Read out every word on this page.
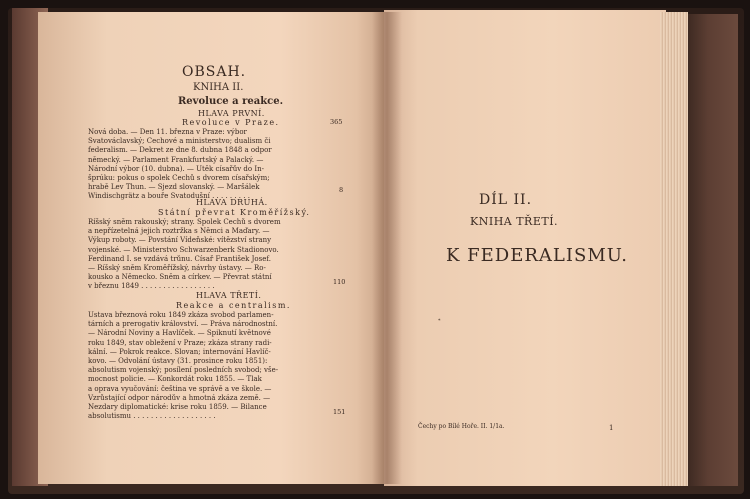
OBSAH.
KNIHA II.
Revoluce a reakce.
HLAVA PRVNÍ.
Revoluce v Praze.	365
Nová doba. — Den 11. března v Praze: výbor
Svatováclavský; Čechové a ministerstvo; dualism či
federalism. — Dekret ze dne 8. dubna 1848 a odpor
německý. — Parlament Frankfurtský a Palacký. —
Národní výbor (10. dubna). — Útěk císařův do In-
šprúku: pokus o spolek Čechů s dvorem císařským;
hrabě Lev Thun. — Sjezd slovanský. — Maršálek
Windischgrätz a bouře Svatodušní . . . . . . . . .
8
HLAVA DRUHÁ.
Státní převrat Kroměřížský.
Říšský sněm rakouský; strany. Spolek Čechů s dvorem
a nepřízetelná jejich roztržka s Němci a Maďary. —
Výkup roboty. — Povstání Vídeňské: vítězství strany
vojenské. — Ministerstvo Schwarzenberk Stadionovo.
Ferdinand I. se vzdává trůnu. Císař František Josef.
— Říšský sněm Kroměřížský, návrhy ústavy. — Ro-
kousko a Německo. Sněm a církev. — Převrat státní
v březnu 1849 . . . . . . . . . . . . . . . . .
110
HLAVA TŘETÍ.
Reakce a centralism.
Ústava březnová roku 1849 zkáza svobod parlamen-
tárních a prerogativ království. — Práva národnostní.
— Národní Noviny a Havlíček. — Spiknutí květnové
roku 1849, stav obležení v Praze; zkáza strany radi-
kální. — Pokrok reakce. Slovan; internování Havlíč-
kovo. — Odvolání ústavy (31. prosince roku 1851):
absolutism vojenský; posílení posledních svobod; vše-
mocnost policie. — Konkordát roku 1855. — Tlak
a oprava vyučování: čeština ve správě a ve škole. —
Vzrůstající odpor národův a hmotná zkáza země. —
Nezdary diplomatické: krise roku 1859. — Bilance
absolutismu . . . . . . . . . . . . . . . . . . .
151
DÍL II.
KNIHA TŘETÍ.
K FEDERALISMU.
*
Čechy po Bílé Hoře. II. 1/1a.	1
